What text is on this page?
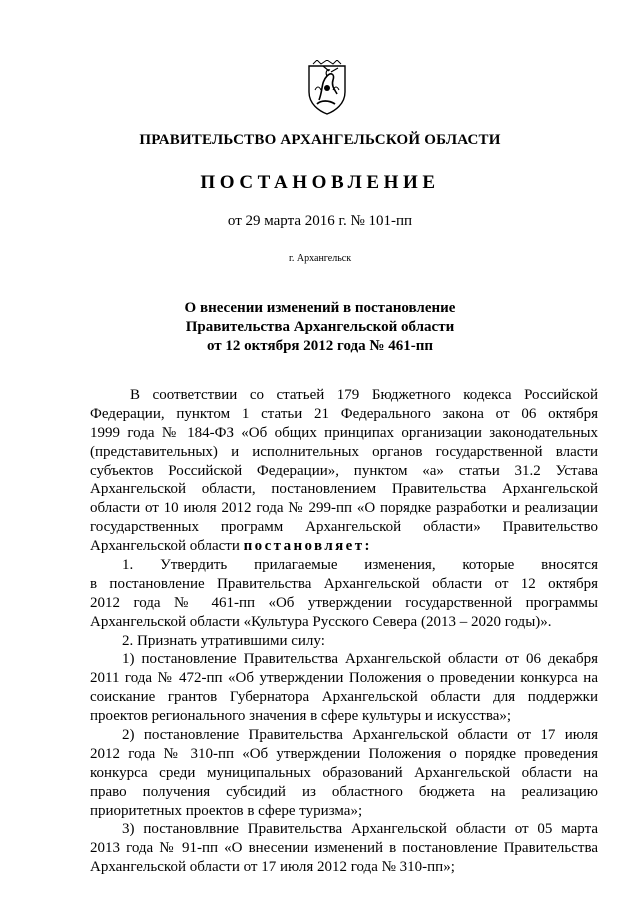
ПРАВИТЕЛЬСТВО АРХАНГЕЛЬСКОЙ ОБЛАСТИ
ПОСТАНОВЛЕНИЕ
от 29 марта 2016 г. № 101-пп
г. Архангельск
О внесении изменений в постановление
Правительства Архангельской области
от 12 октября 2012 года № 461-пп
В соответствии со статьей 179 Бюджетного кодекса Российской
Федерации, пунктом 1 статьи 21 Федерального закона от 06 октября
1999 года № 184-ФЗ «Об общих принципах организации законодательных
(представительных) и исполнительных органов государственной власти
субъектов Российской Федерации», пунктом «а» статьи 31.2 Устава
Архангельской области, постановлением Правительства Архангельской
области от 10 июля 2012 года № 299-пп «О порядке разработки и реализации
государственных программ Архангельской области» Правительство
Архангельской области постановляет:
1. Утвердить прилагаемые изменения, которые вносятся
в постановление Правительства Архангельской области от 12 октября
2012 года № 461-пп «Об утверждении государственной программы
Архангельской области «Культура Русского Севера (2013 – 2020 годы)».
2. Признать утратившими силу:
1) постановление Правительства Архангельской области от 06 декабря
2011 года № 472-пп «Об утверждении Положения о проведении конкурса на
соискание грантов Губернатора Архангельской области для поддержки
проектов регионального значения в сфере культуры и искусства»;
2) постановление Правительства Архангельской области от 17 июля
2012 года № 310-пп «Об утверждении Положения о порядке проведения
конкурса среди муниципальных образований Архангельской области на
право получения субсидий из областного бюджета на реализацию
приоритетных проектов в сфере туризма»;
3) постановлвние Правительства Архангельской области от 05 марта
2013 года № 91-пп «О внесении изменений в постановление Правительства
Архангельской области от 17 июля 2012 года № 310-пп»;
